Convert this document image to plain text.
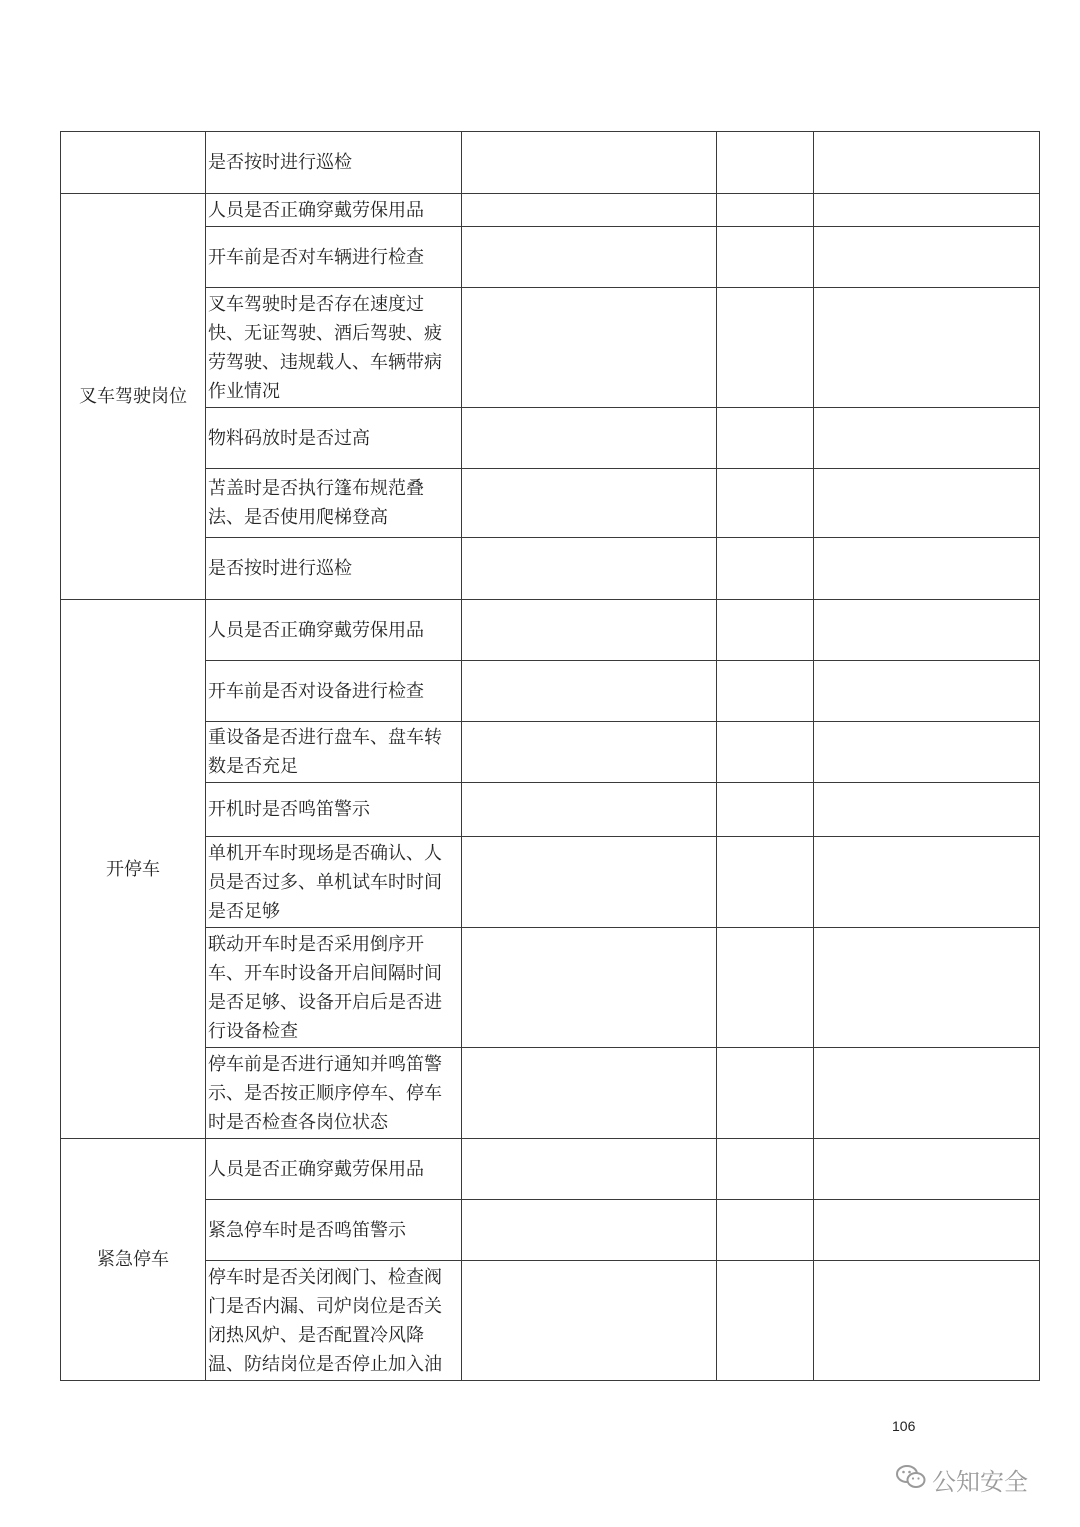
	是否按时进行巡检			
叉车驾驶岗位	人员是否正确穿戴劳保用品			
	开车前是否对车辆进行检查			
	叉车驾驶时是否存在速度过快、无证驾驶、酒后驾驶、疲劳驾驶、违规载人、车辆带病作业情况			
	物料码放时是否过高			
	苫盖时是否执行篷布规范叠法、是否使用爬梯登高			
	是否按时进行巡检			
开停车	人员是否正确穿戴劳保用品			
	开车前是否对设备进行检查			
	重设备是否进行盘车、盘车转数是否充足			
	开机时是否鸣笛警示			
	单机开车时现场是否确认、人员是否过多、单机试车时时间是否足够			
	联动开车时是否采用倒序开车、开车时设备开启间隔时间是否足够、设备开启后是否进行设备检查			
	停车前是否进行通知并鸣笛警示、是否按正顺序停车、停车时是否检查各岗位状态			
紧急停车	人员是否正确穿戴劳保用品			
	紧急停车时是否鸣笛警示			
	停车时是否关闭阀门、检查阀门是否内漏、司炉岗位是否关闭热风炉、是否配置冷风降温、防结岗位是否停止加入油			
106
公知安全
